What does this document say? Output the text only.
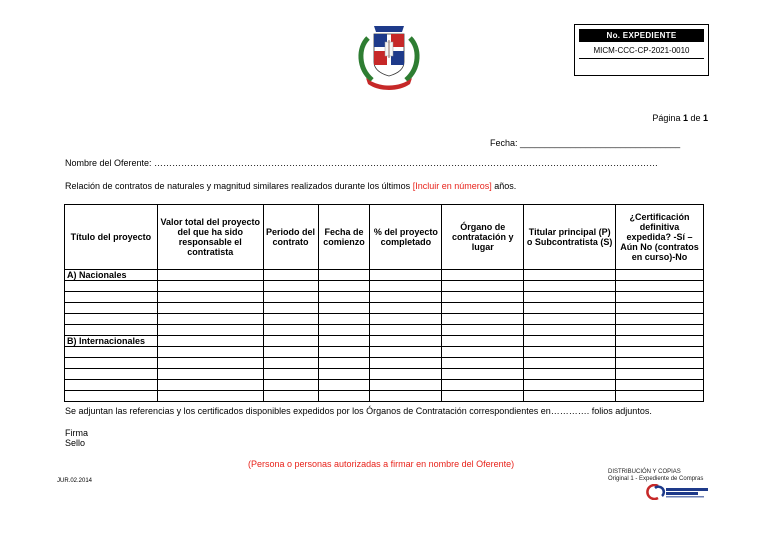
No. EXPEDIENTE
MICM-CCC-CP-2021-0010
Página 1 de 1
Fecha: ________________________________
Nombre del Oferente: ……………………………………………………………………………………………………………………………………………………
Relación de contratos de naturales y magnitud similares realizados durante los últimos [Incluir en números] años.
Título del proyecto	Valor total del proyecto del que ha sido responsable el contratista	Periodo del contrato	Fecha de comienzo	% del proyecto completado	Órgano de contratación y lugar	Titular principal (P) o Subcontratista (S)	¿Certificación definitiva expedida? -Sí –Aún No (contratos en curso)-No
A) Nacionales							

B) Internacionales							

Se adjuntan las referencias y los certificados disponibles expedidos por los Órganos de Contratación correspondientes en…………. folios adjuntos.
Firma
Sello
(Persona o personas autorizadas a firmar en nombre del Oferente)
JUR.02.2014
DISTRIBUCIÓN Y COPIAS
Original 1 - Expediente de Compras
